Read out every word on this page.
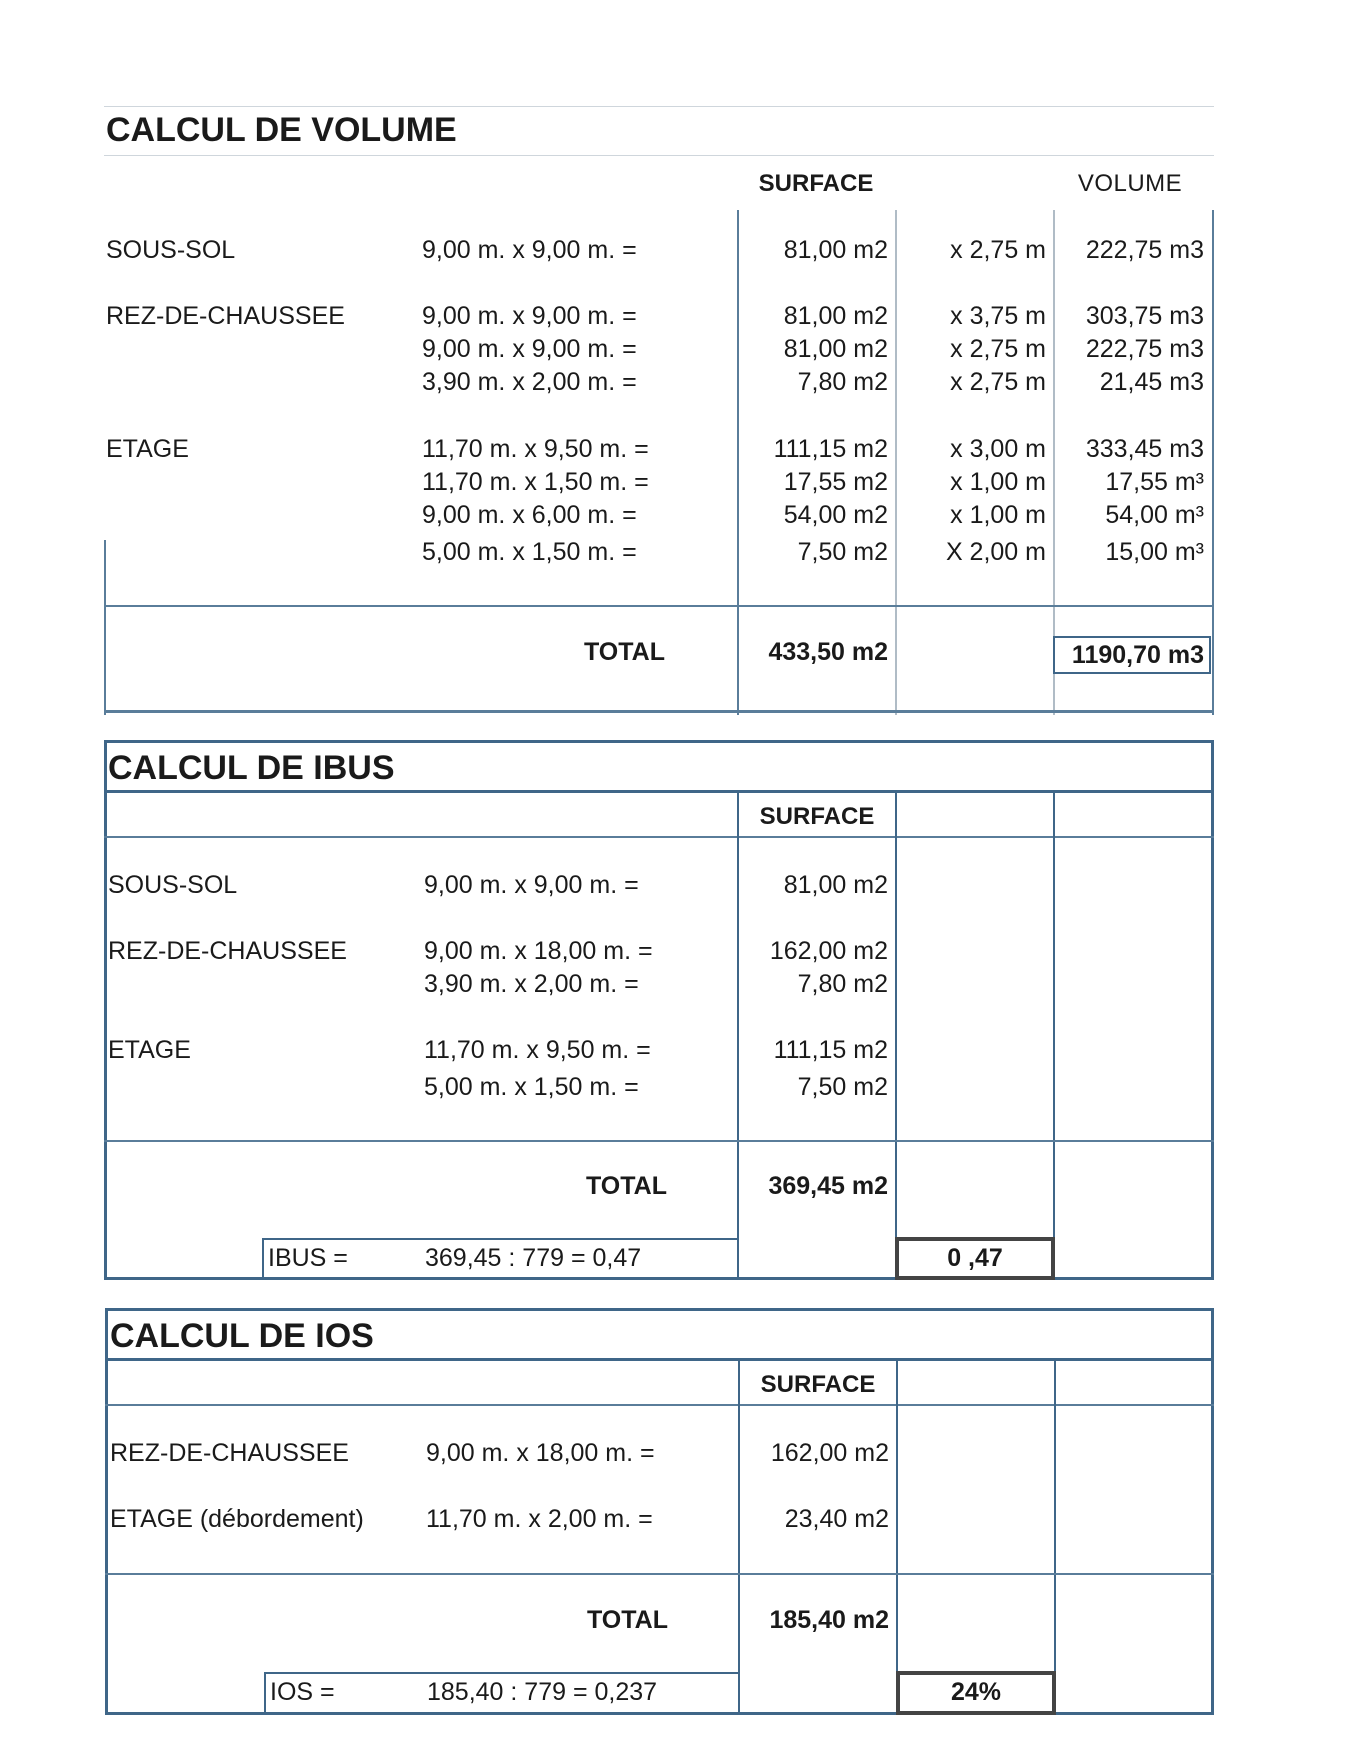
CALCUL DE VOLUME
SURFACE	VOLUME
SOUS-SOL	9,00 m. x 9,00 m. =	81,00 m2	x 2,75 m	222,75 m3
REZ-DE-CHAUSSEE	9,00 m. x 9,00 m. =	81,00 m2	x 3,75 m	303,75 m3
9,00 m. x 9,00 m. =	81,00 m2	x 2,75 m	222,75 m3
3,90 m. x 2,00 m. =	7,80 m2	x 2,75 m	21,45 m3
ETAGE	11,70 m. x 9,50 m. =	111,15 m2	x 3,00 m	333,45 m3
11,70 m. x 1,50 m. =	17,55 m2	x 1,00 m	17,55 m³
9,00 m. x 6,00 m. =	54,00 m2	x 1,00 m	54,00 m³
5,00 m. x 1,50 m. =	7,50 m2	X 2,00 m	15,00 m³
TOTAL	433,50 m2	1190,70 m3
CALCUL DE IBUS
SURFACE
SOUS-SOL	9,00 m. x 9,00 m. =	81,00 m2
REZ-DE-CHAUSSEE	9,00 m. x 18,00 m. =	162,00 m2
3,90 m. x 2,00 m. =	7,80 m2
ETAGE	11,70 m. x 9,50 m. =	111,15 m2
5,00 m. x 1,50 m. =	7,50 m2
TOTAL	369,45 m2
IBUS =	369,45 : 779 = 0,47	0 ,47
CALCUL DE IOS
SURFACE
REZ-DE-CHAUSSEE	9,00 m. x 18,00 m. =	162,00 m2
ETAGE (débordement) 11,70 m. x 2,00 m. =	23,40 m2
TOTAL	185,40 m2
IOS =	185,40 : 779 = 0,237	24%
